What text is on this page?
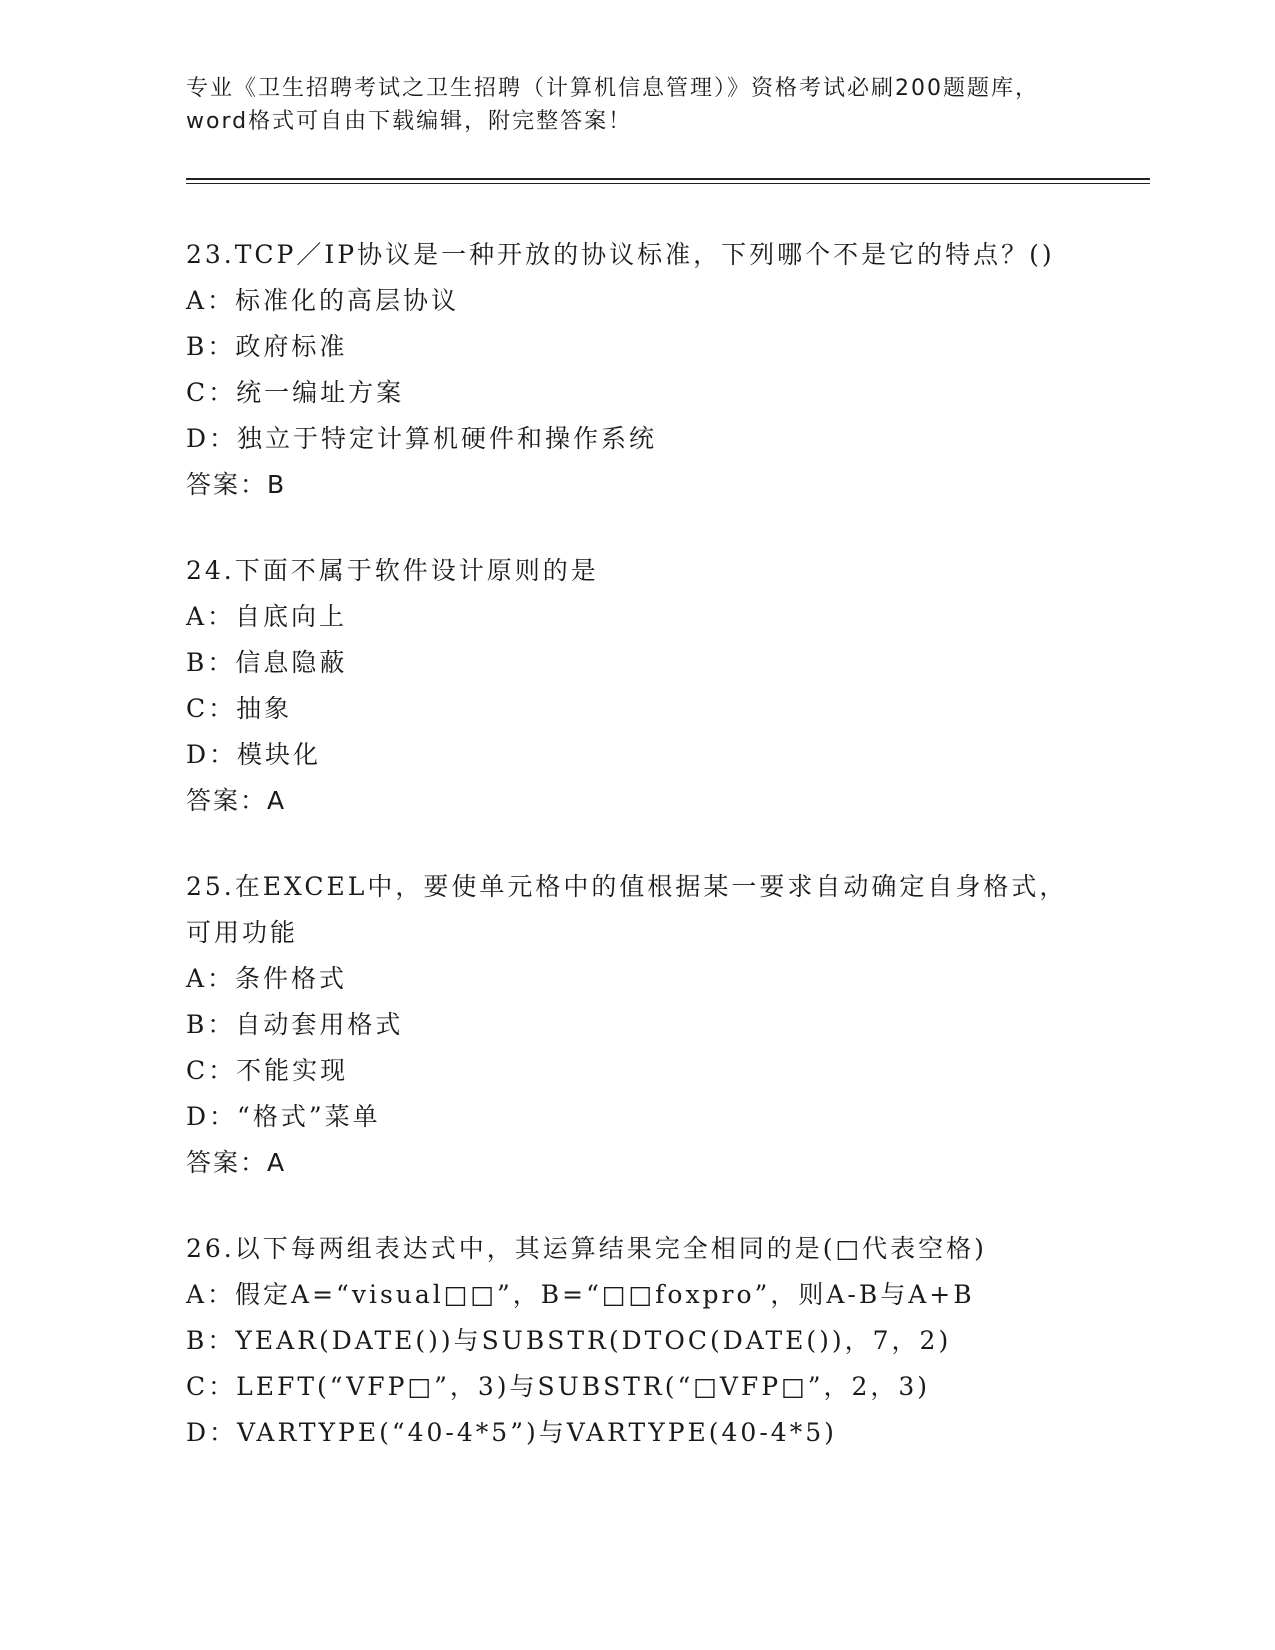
专业《卫生招聘考试之卫生招聘（计算机信息管理）》资格考试必刷200题题库，
word格式可自由下载编辑，附完整答案！
23.TCP／IP协议是一种开放的协议标准，下列哪个不是它的特点？()
A：标准化的高层协议
B：政府标准
C：统一编址方案
D：独立于特定计算机硬件和操作系统
答案：B
24.下面不属于软件设计原则的是
A：自底向上
B：信息隐蔽
C：抽象
D：模块化
答案：A
25.在EXCEL中，要使单元格中的值根据某一要求自动确定自身格式，
可用功能
A：条件格式
B：自动套用格式
C：不能实现
D：“格式”菜单
答案：A
26.以下每两组表达式中，其运算结果完全相同的是(□代表空格)
A：假定A=“visual□□”，B=“□□foxpro”，则A-B与A+B
B：YEAR(DATE())与SUBSTR(DTOC(DATE())，7，2)
C：LEFT(“VFP□”，3)与SUBSTR(“□VFP□”，2，3)
D：VARTYPE(“40-4*5”)与VARTYPE(40-4*5)
